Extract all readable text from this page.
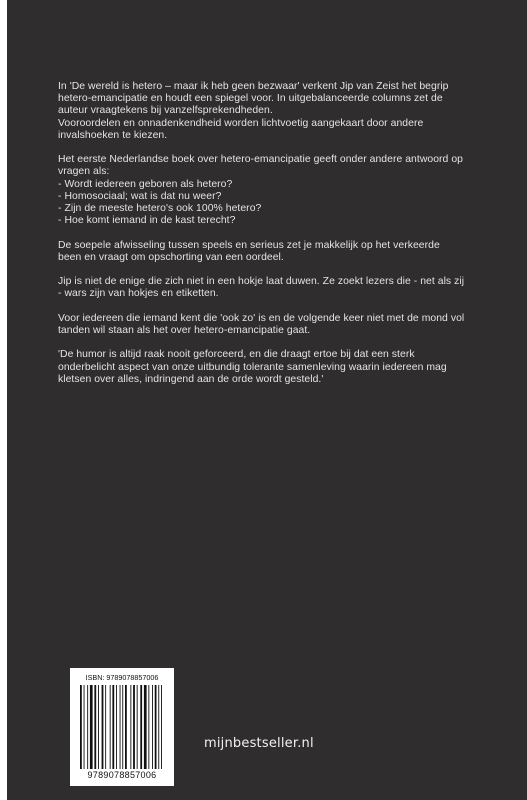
In 'De wereld is hetero – maar ik heb geen bezwaar' verkent Jip van Zeist het begrip

hetero-emancipatie en houdt een spiegel voor. In uitgebalanceerde columns zet de

auteur vraagtekens bij vanzelfsprekendheden.

Vooroordelen en onnadenkendheid worden lichtvoetig aangekaart door andere

invalshoeken te kiezen.

Het eerste Nederlandse boek over hetero-emancipatie geeft onder andere antwoord op

vragen als:

- Wordt iedereen geboren als hetero?

- Homosociaal; wat is dat nu weer?

- Zijn de meeste hetero's ook 100% hetero?

- Hoe komt iemand in de kast terecht?

De soepele afwisseling tussen speels en serieus zet je makkelijk op het verkeerde

been en vraagt om opschorting van een oordeel.

Jip is niet de enige die zich niet in een hokje laat duwen. Ze zoekt lezers die - net als zij

- wars zijn van hokjes en etiketten.

Voor iedereen die iemand kent die 'ook zo' is en de volgende keer niet met de mond vol

tanden wil staan als het over hetero-emancipatie gaat.

'De humor is altijd raak nooit geforceerd, en die draagt ertoe bij dat een sterk

onderbelicht aspect van onze uitbundig tolerante samenleving waarin iedereen mag

kletsen over alles, indringend aan de orde wordt gesteld.'

ISBN: 9789078857006
9789078857006
mijnbestseller.nl
